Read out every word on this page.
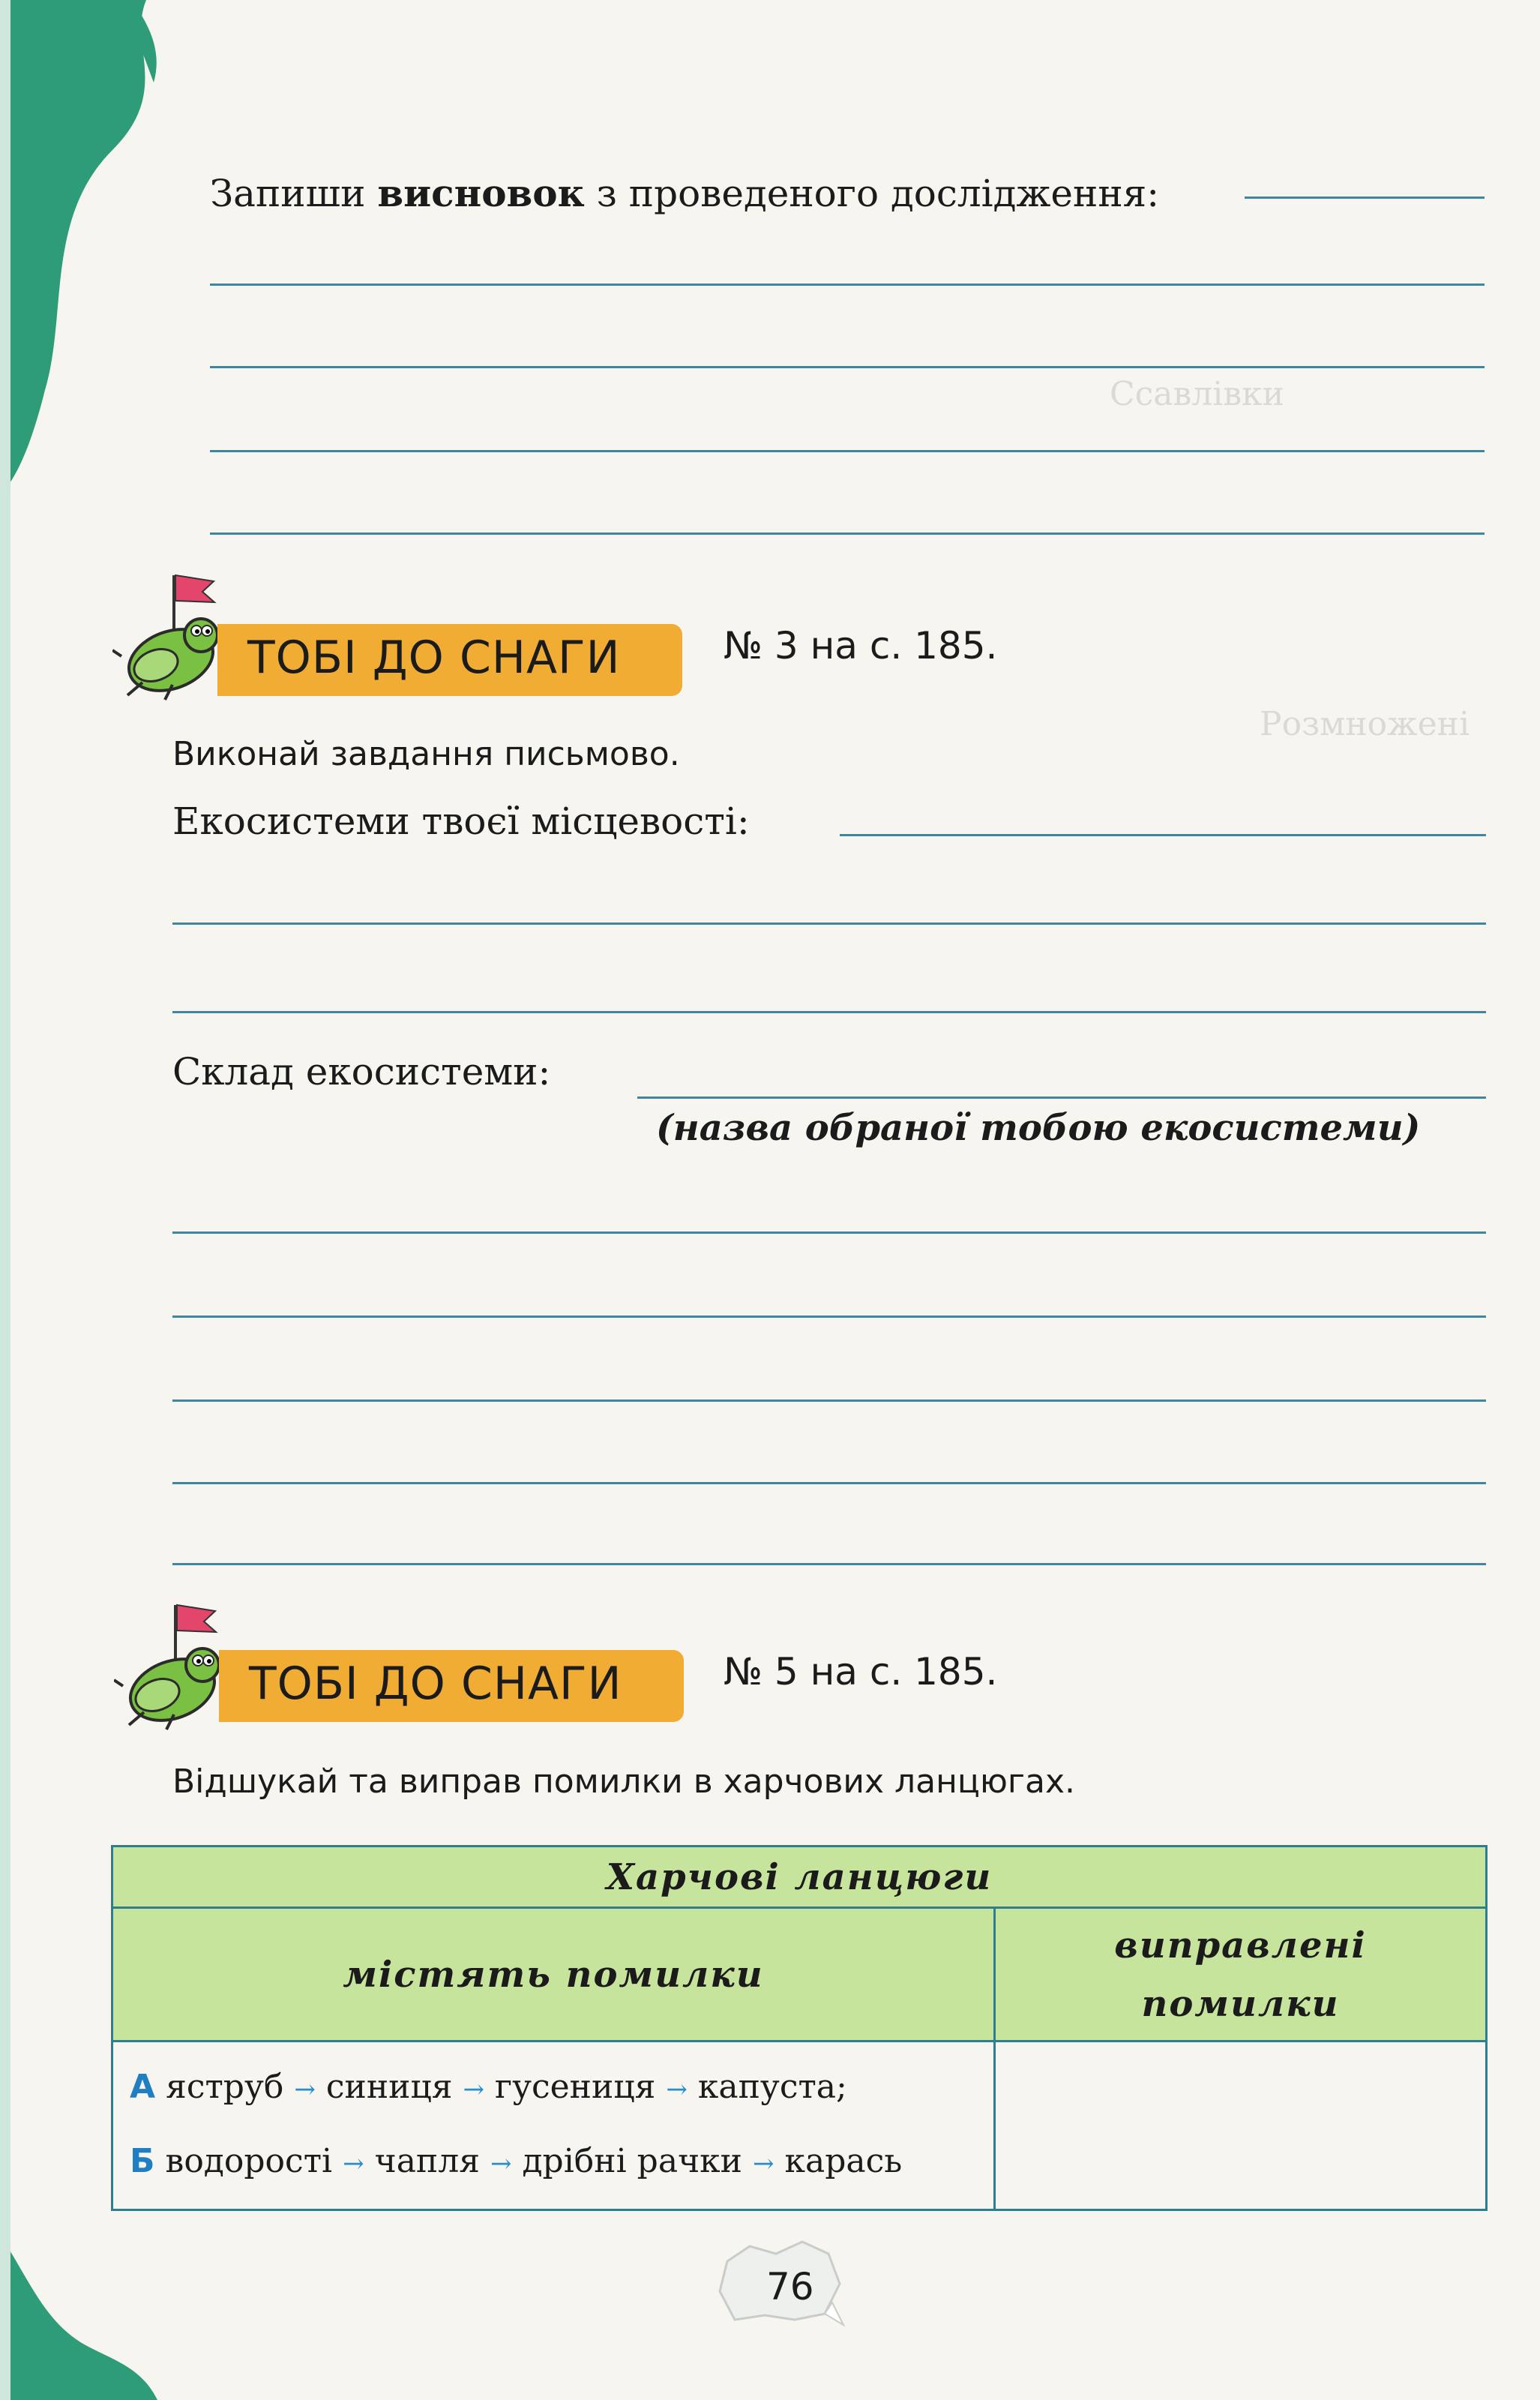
Ссавлівки
Розмножені
Запиши висновок з проведеного дослідження:
ТОБІ ДО СНАГИ	№ 3 на с. 185.
Виконай завдання письмово.
Екосистеми твоєї місцевості:
Склад екосистеми:
(назва обраної тобою екосистеми)
ТОБІ ДО СНАГИ	№ 5 на с. 185.
Відшукай та виправ помилки в харчових ланцюгах.
Харчові ланцюги	
містять помилки	виправлені
помилки

А яструб → синиця → гусениця → капуста;
Б водорості → чапля → дрібні рачки → карась	

76
